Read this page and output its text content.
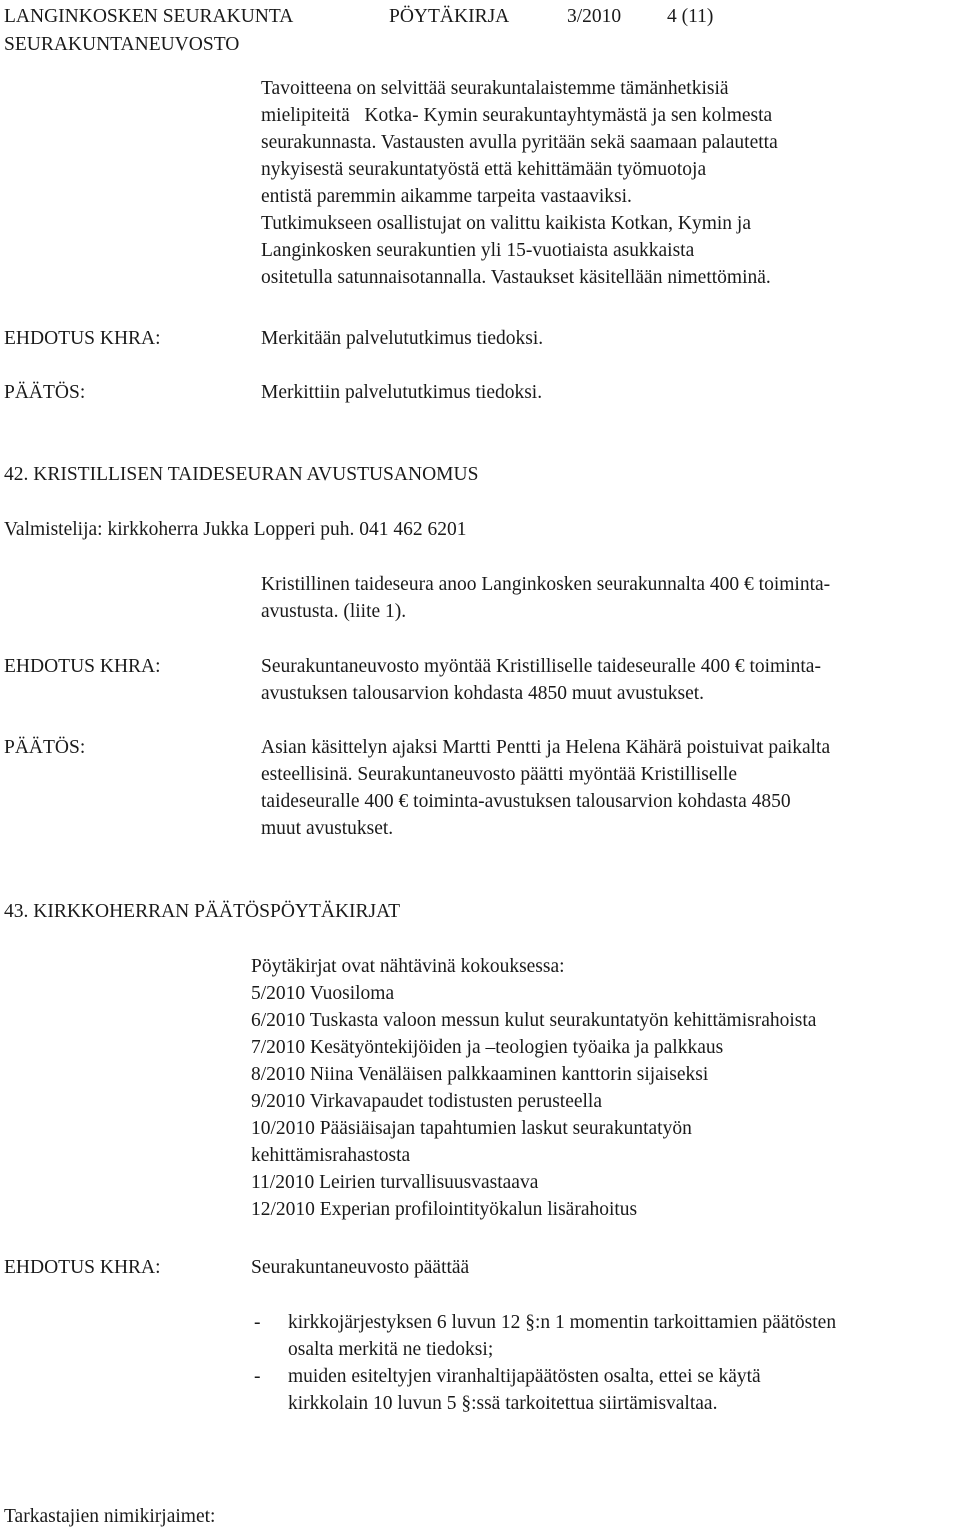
LANGINKOSKEN SEURAKUNTA	PÖYTÄKIRJA	3/2010 4 (11)
SEURAKUNTANEUVOSTO

Tavoitteena on selvittää seurakuntalaistemme tämänhetkisiä

mielipiteitä   Kotka- Kymin seurakuntayhtymästä ja sen kolmesta

seurakunnasta. Vastausten avulla pyritään sekä saamaan palautetta

nykyisestä seurakuntatyöstä että kehittämään työmuotoja

entistä paremmin aikamme tarpeita vastaaviksi.

Tutkimukseen osallistujat on valittu kaikista Kotkan, Kymin ja

Langinkosken seurakuntien yli 15-vuotiaista asukkaista

ositetulla satunnaisotannalla. Vastaukset käsitellään nimettöminä.

EHDOTUS KHRA:	Merkitään palvelututkimus tiedoksi.
PÄÄTÖS:	Merkittiin palvelututkimus tiedoksi.
42. KRISTILLISEN TAIDESEURAN AVUSTUSANOMUS
Valmistelija: kirkkoherra Jukka Lopperi puh. 041 462 6201

Kristillinen taideseura anoo Langinkosken seurakunnalta 400 € toiminta-

avustusta. (liite 1).

EHDOTUS KHRA:	Seurakuntaneuvosto myöntää Kristilliselle taideseuralle 400 € toiminta-

avustuksen talousarvion kohdasta 4850 muut avustukset.

PÄÄTÖS:	Asian käsittelyn ajaksi Martti Pentti ja Helena Kähärä poistuivat paikalta

esteellisinä. Seurakuntaneuvosto päätti myöntää Kristilliselle

taideseuralle 400 € toiminta-avustuksen talousarvion kohdasta 4850

muut avustukset.

43. KIRKKOHERRAN PÄÄTÖSPÖYTÄKIRJAT

Pöytäkirjat ovat nähtävinä kokouksessa:

5/2010 Vuosiloma

6/2010 Tuskasta valoon messun kulut seurakuntatyön kehittämisrahoista

7/2010 Kesätyöntekijöiden ja –teologien työaika ja palkkaus

8/2010 Niina Venäläisen palkkaaminen kanttorin sijaiseksi

9/2010 Virkavapaudet todistusten perusteella

10/2010 Pääsiäisajan tapahtumien laskut seurakuntatyön

kehittämisrahastosta

11/2010 Leirien turvallisuusvastaava

12/2010 Experian profilointityökalun lisärahoitus

EHDOTUS KHRA:	Seurakuntaneuvosto päättää
- kirkkojärjestyksen 6 luvun 12 §:n 1 momentin tarkoittamien päätösten

osalta merkitä ne tiedoksi;

- muiden esiteltyjen viranhaltijapäätösten osalta, ettei se käytä

kirkkolain 10 luvun 5 §:ssä tarkoitettua siirtämisvaltaa.

Tarkastajien nimikirjaimet:
